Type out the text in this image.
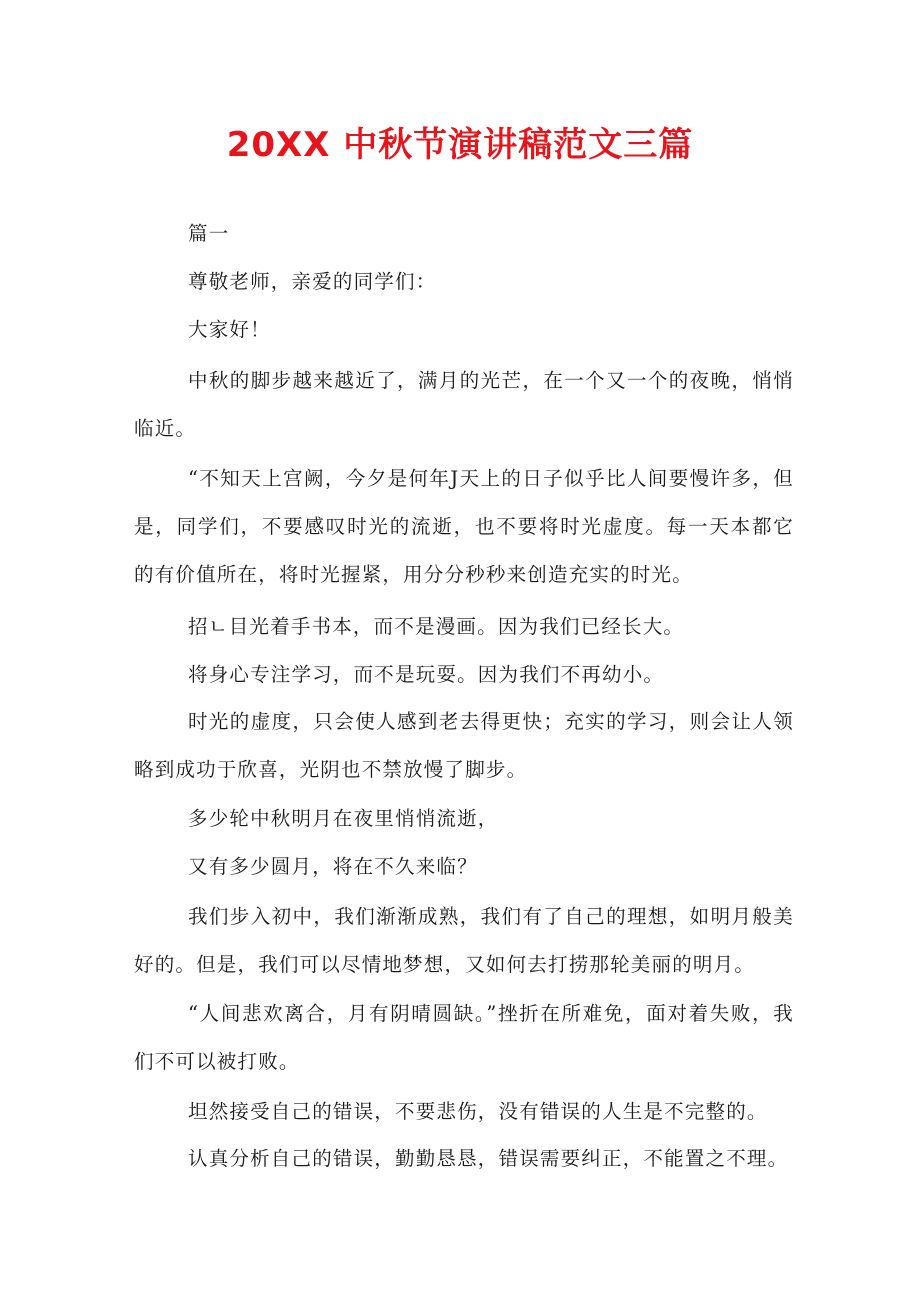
20XX 中秋节演讲稿范文三篇
篇一
尊敬老师，亲爱的同学们：
大家好！
中秋的脚步越来越近了，满月的光芒，在一个又一个的夜晚，悄悄临近。
“不知天上宫阙，今夕是何年J天上的日子似乎比人间要慢许多，但是，同学们，不要感叹时光的流逝，也不要将时光虚度。每一天本都它的有价值所在，将时光握紧，用分分秒秒来创造充实的时光。
招ㄴ目光着手书本，而不是漫画。因为我们已经长大。
将身心专注学习，而不是玩耍。因为我们不再幼小。
时光的虚度，只会使人感到老去得更快；充实的学习，则会让人领略到成功于欣喜，光阴也不禁放慢了脚步。
多少轮中秋明月在夜里悄悄流逝，
又有多少圆月，将在不久来临？
我们步入初中，我们渐渐成熟，我们有了自己的理想，如明月般美好的。但是，我们可以尽情地梦想，又如何去打捞那轮美丽的明月。
“人间悲欢离合，月有阴晴圆缺。”挫折在所难免，面对着失败，我们不可以被打败。
坦然接受自己的错误，不要悲伤，没有错误的人生是不完整的。
认真分析自己的错误，勤勤恳恳，错误需要纠正，不能置之不理。
